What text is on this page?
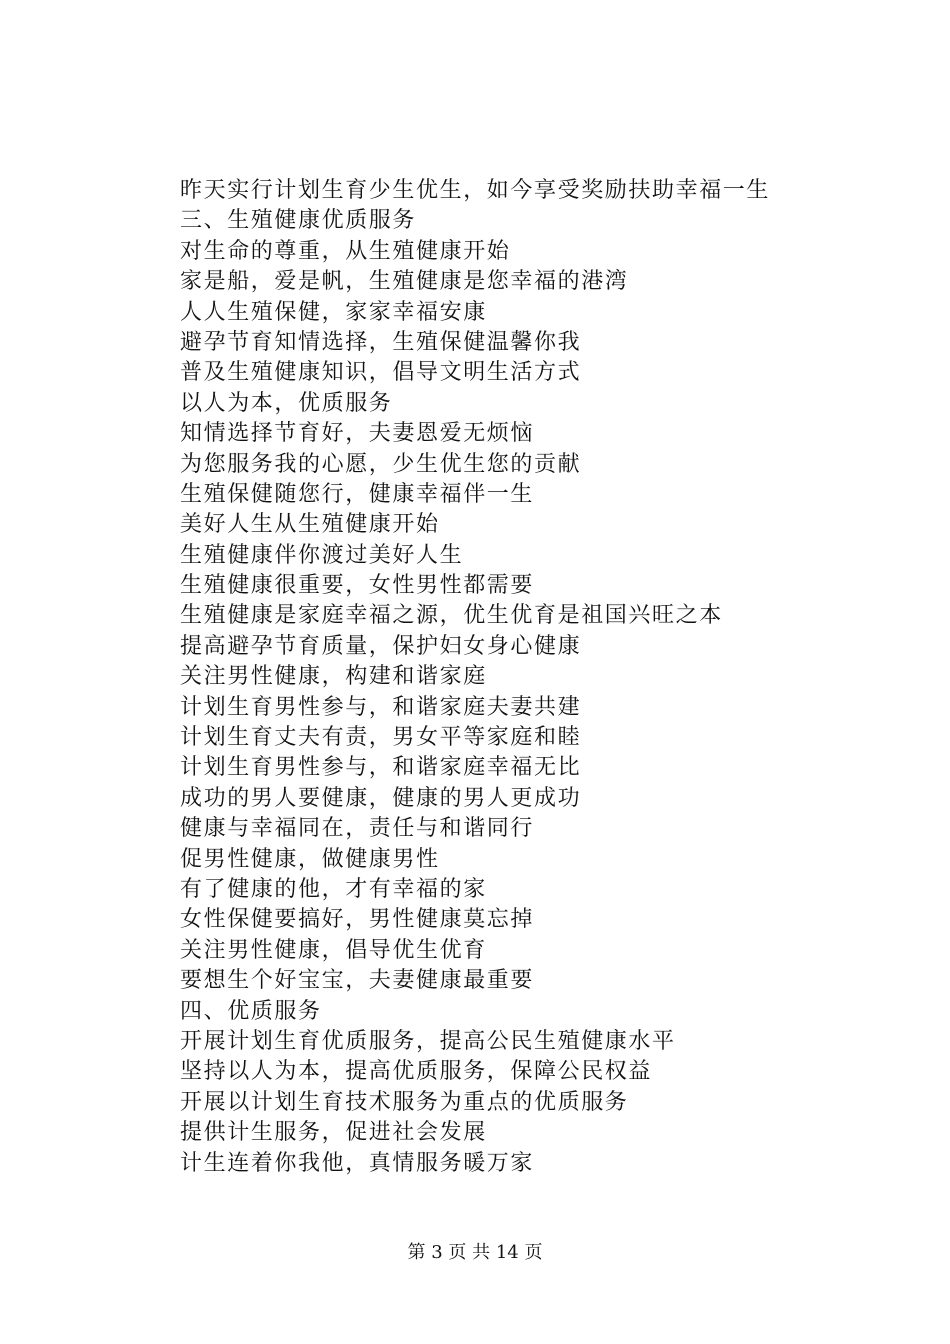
昨天实行计划生育少生优生，如今享受奖励扶助幸福一生
三、生殖健康优质服务
对生命的尊重，从生殖健康开始
家是船，爱是帆，生殖健康是您幸福的港湾
人人生殖保健，家家幸福安康
避孕节育知情选择，生殖保健温馨你我
普及生殖健康知识，倡导文明生活方式
以人为本，优质服务
知情选择节育好，夫妻恩爱无烦恼
为您服务我的心愿，少生优生您的贡献
生殖保健随您行，健康幸福伴一生
美好人生从生殖健康开始
生殖健康伴你渡过美好人生
生殖健康很重要，女性男性都需要
生殖健康是家庭幸福之源，优生优育是祖国兴旺之本
提高避孕节育质量，保护妇女身心健康
关注男性健康，构建和谐家庭
计划生育男性参与，和谐家庭夫妻共建
计划生育丈夫有责，男女平等家庭和睦
计划生育男性参与，和谐家庭幸福无比
成功的男人要健康，健康的男人更成功
健康与幸福同在，责任与和谐同行
促男性健康，做健康男性
有了健康的他，才有幸福的家
女性保健要搞好，男性健康莫忘掉
关注男性健康，倡导优生优育
要想生个好宝宝，夫妻健康最重要
四、优质服务
开展计划生育优质服务，提高公民生殖健康水平
坚持以人为本，提高优质服务，保障公民权益
开展以计划生育技术服务为重点的优质服务
提供计生服务，促进社会发展
计生连着你我他，真情服务暖万家
第 3 页 共 14 页
